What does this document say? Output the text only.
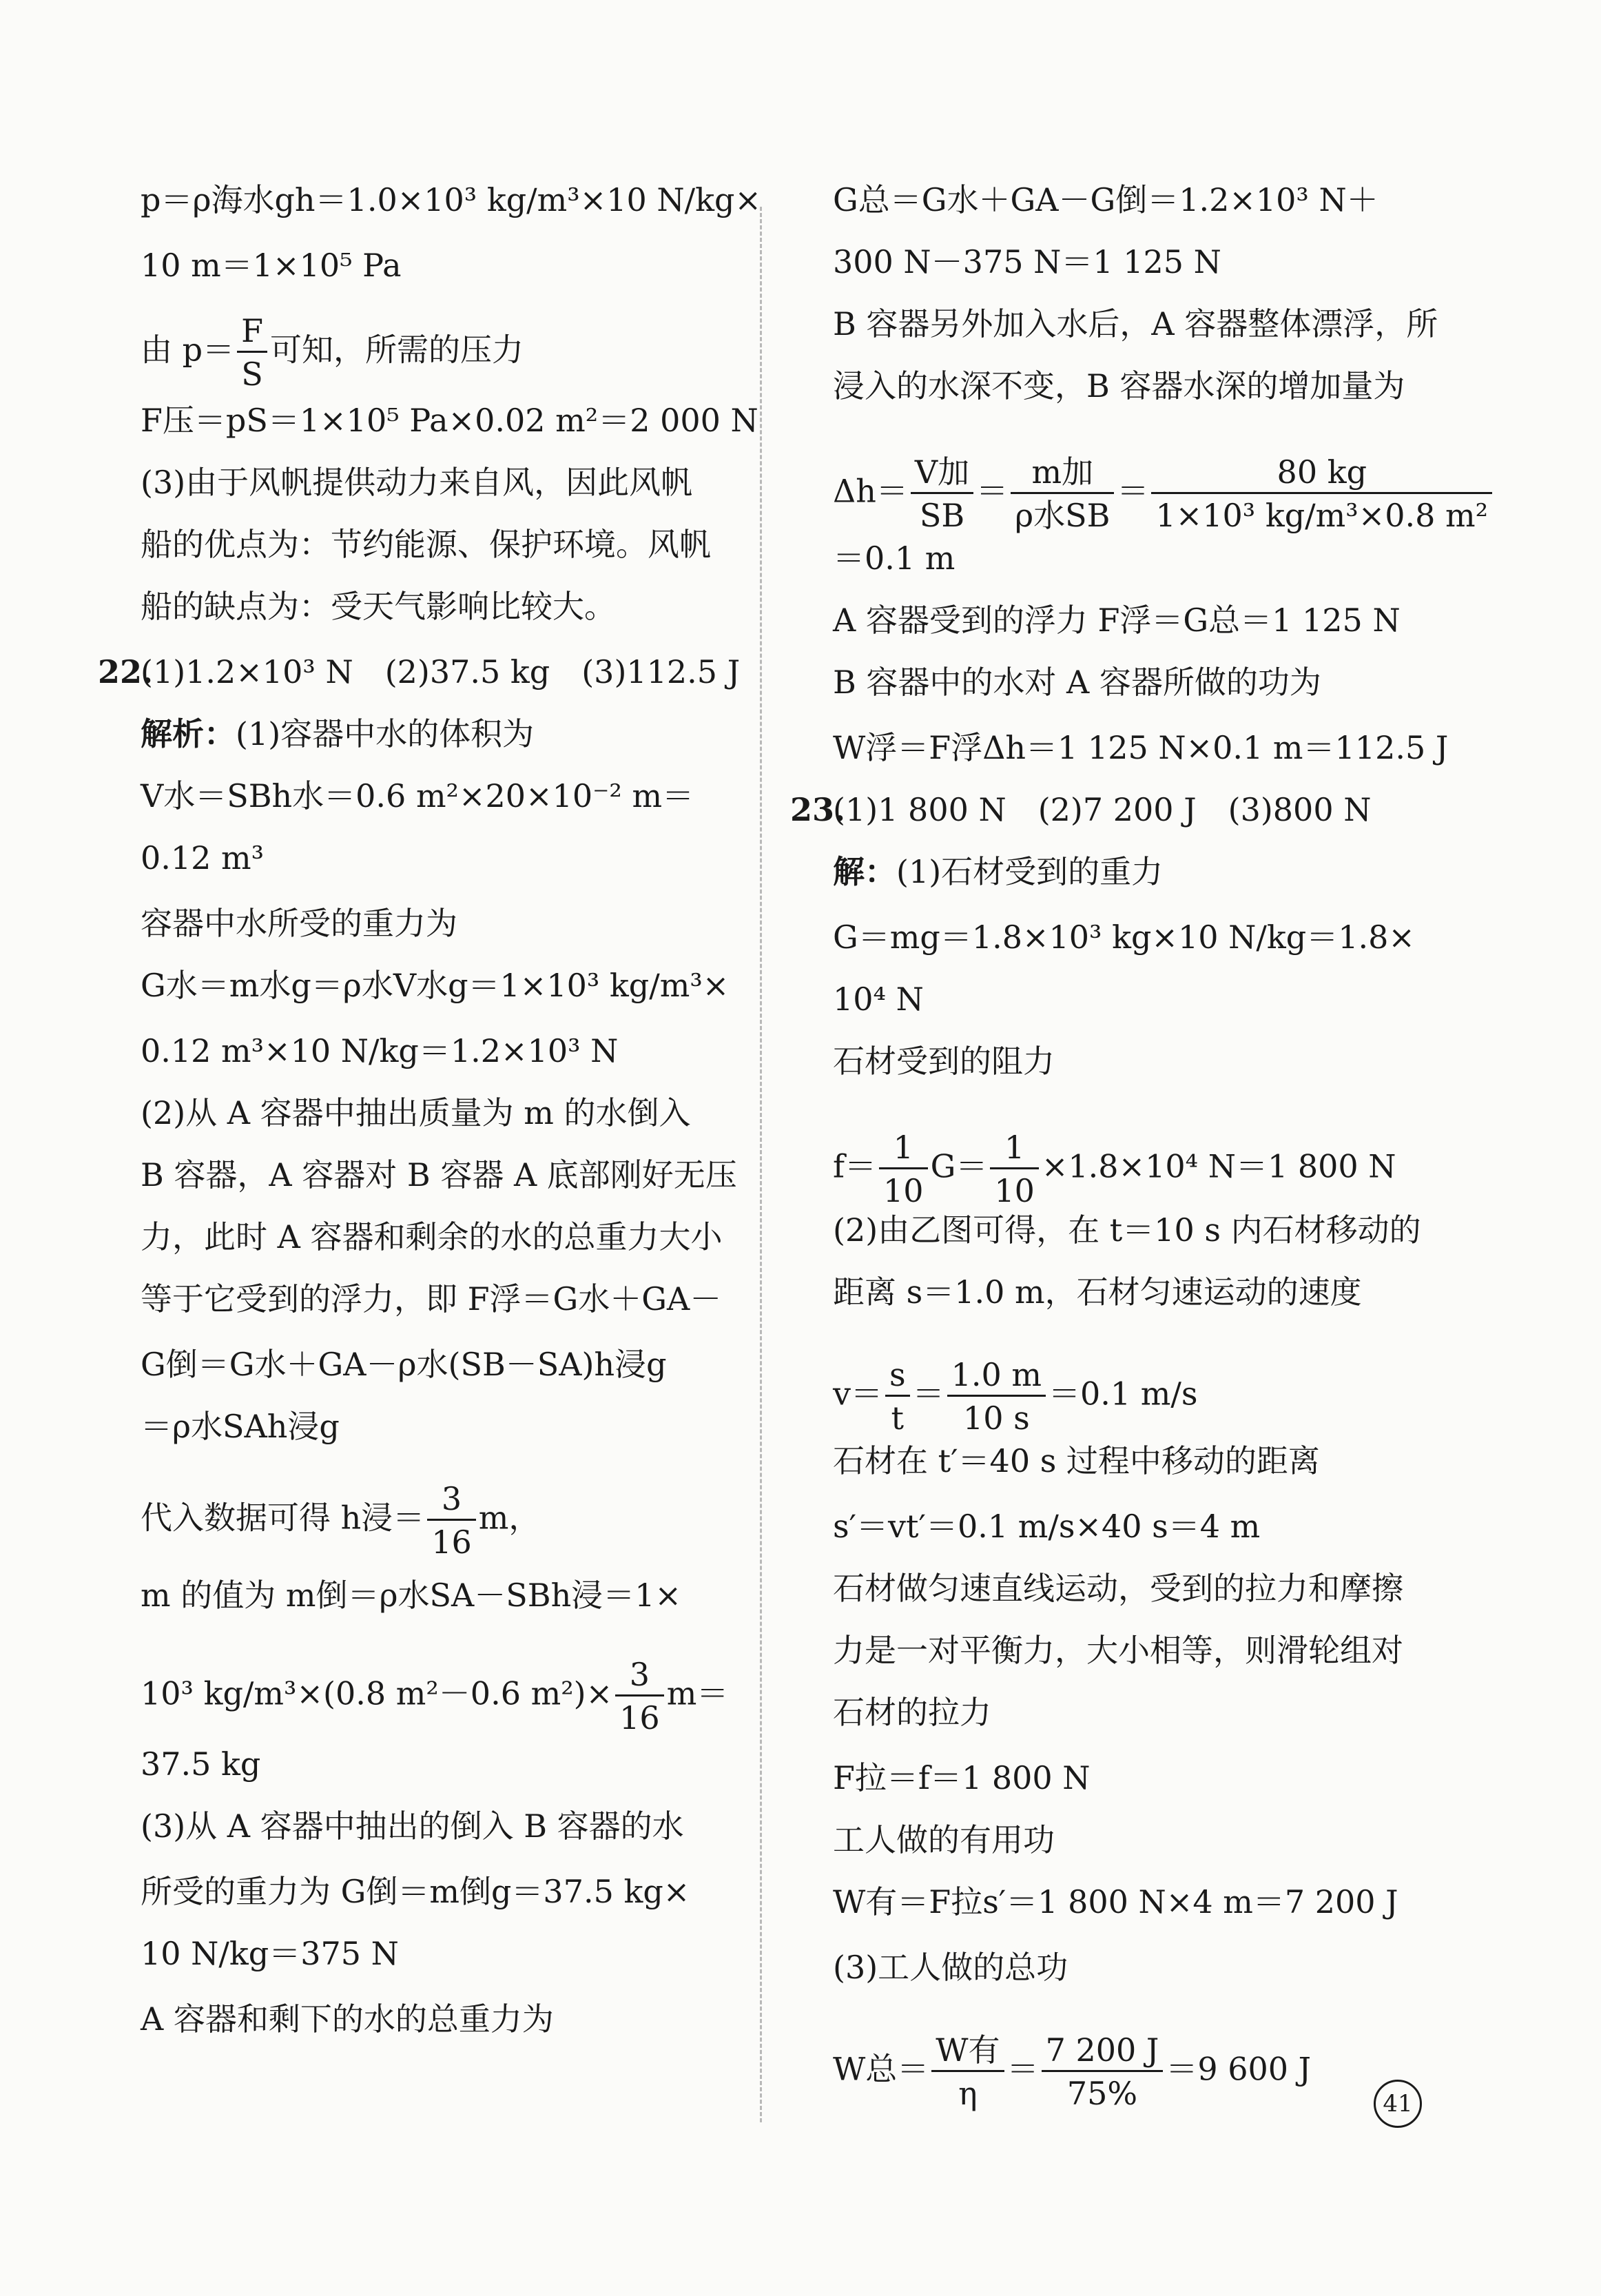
p＝ρ海水gh＝1.0×10³ kg/m³×10 N/kg×
10 m＝1×10⁵ Pa
由 $p= \frac{F}{S}$ 可知，所需的压力
F压＝pS＝1×10⁵ Pa×0.02 m²＝2 000 N
(3)由于风帆提供动力来自风，因此风帆
船的优点为：节约能源、保护环境。风帆
船的缺点为：受天气影响比较大。
22.
(1)1.2×10³ N　(2)37.5 kg　(3)112.5 J
解析：(1)容器中水的体积为
V水＝SBh水＝0.6 m²×20×10⁻² m＝
0.12 m³
容器中水所受的重力为
G水＝m水g＝ρ水V水g＝1×10³ kg/m³×
0.12 m³×10 N/kg＝1.2×10³ N
(2)从 A 容器中抽出质量为 m 的水倒入
B 容器，A 容器对 B 容器 A 底部刚好无压
力，此时 A 容器和剩余的水的总重力大小
等于它受到的浮力，即 F浮＝G水＋GA－
G倒＝G水＋GA－ρ水(SB－SA)h浸g
＝ρ水SAh浸g
代入数据可得 h浸＝ $\frac{3}{16}$ m，
m 的值为 m倒＝ρ水SA－SBh浸＝1×
10³ kg/m³×(0.8 m²－0.6 $m^2)\times \frac{3}{16} m=$
37.5 kg
(3)从 A 容器中抽出的倒入 B 容器的水
所受的重力为 G倒＝m倒g＝37.5 kg×
10 N/kg＝375 N
A 容器和剩下的水的总重力为
G总＝G水＋GA－G倒＝1.2×10³ N＋
300 N－375 N＝1 125 N
B 容器另外加入水后，A 容器整体漂浮，所
浸入的水深不变，B 容器水深的增加量为
$\Delta h= \frac{\text{V加}}{SB} = \frac{\text{m加}}{\text{ρ水SB}} = \frac{80 kg}{\text{1×10³ kg/m³×0.8 m²}}$
＝0.1 m
A 容器受到的浮力 F浮＝G总＝1 125 N
B 容器中的水对 A 容器所做的功为
W浮＝F浮Δh＝1 125 N×0.1 m＝112.5 J
23.
(1)1 800 N　(2)7 200 J　(3)800 N
解：(1)石材受到的重力
G＝mg＝1.8×10³ kg×10 N/kg＝1.8×
10⁴ N
石材受到的阻力
$f= \frac{1}{10} G= \frac{1}{10} \times 1.8\times 10^4$ N＝1 800 N
(2)由乙图可得，在 t＝10 s 内石材移动的
距离 s＝1.0 m，石材匀速运动的速度
$v= \frac{s}{t} = \frac{1.0 m}{10 s} =0.1$ m/s
石材在 t′＝40 s 过程中移动的距离
s′＝vt′＝0.1 m/s×40 s＝4 m
石材做匀速直线运动，受到的拉力和摩擦
力是一对平衡力，大小相等，则滑轮组对
石材的拉力
F拉＝f＝1 800 N
工人做的有用功
W有＝F拉s′＝1 800 N×4 m＝7 200 J
(3)工人做的总功
W总＝ $\frac{\text{W有}}{\eta} = \frac{7 200 J}{75\%} =9$ 600 J
41
